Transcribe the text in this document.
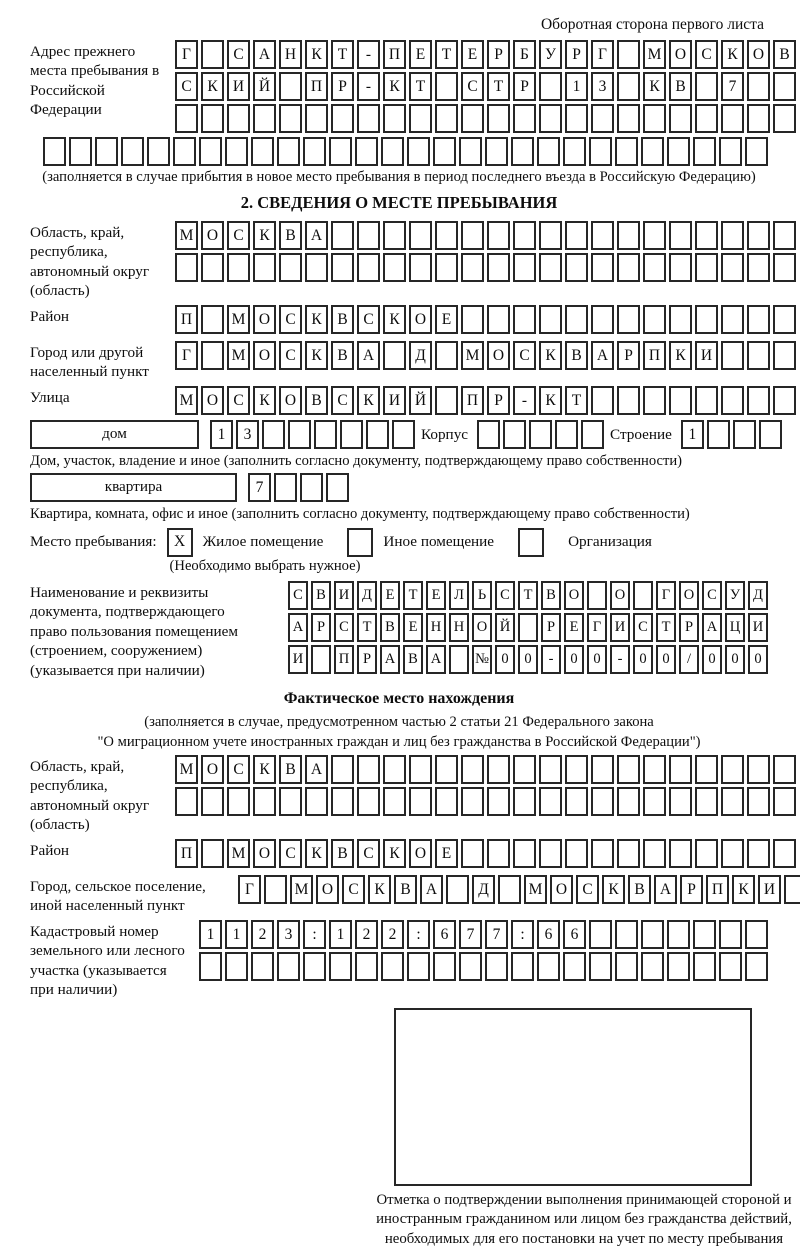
Оборотная сторона первого листа
Адрес прежнего места пребывания в Российской Федерации
Г	С А Н К	Т	-	П	Е	Т	Е	Р	Б	У	Р	Г	М О С	К О В
С	К И Й	П	Р	-	К	Т	С	Т	Р	1	3	К	В	7
(заполняется в случае прибытия в новое место пребывания в период последнего въезда в Российскую Федерацию)
2. СВЕДЕНИЯ О МЕСТЕ ПРЕБЫВАНИЯ
Область, край, республика, автономный округ (область)
М О С	К	В А
Район	П	М О С	К	В	С	К О	Е
Город или другой населенный пункт
Г	М О С	К	В А	Д	М О С	К	В А	Р	П К И
Улица	М О С	К О В	С	К И Й	П	Р	-	К	Т
дом	1	3	Корпус	Строение	1
Дом, участок, владение и иное (заполнить согласно документу, подтверждающему право собственности)
квартира	7
Квартира, комната, офис и иное (заполнить согласно документу, подтверждающему право собственности)
Место пребывания:	X	Жилое помещение	Иное помещение	Организация
(Необходимо выбрать нужное)
Наименование и реквизиты документа, подтверждающего право пользования помещением (строением, сооружением) (указывается при наличии)
С В И Д Е Т Е Л Ь С Т В О	О	Г О С У Д
А Р С Т В Е Н Н О Й	Р	Е Г И С Т	Р А Ц И
И	П Р А В А	№ 0	0	-	0	0	-	0	0	/	0	0	0
Фактическое место нахождения
(заполняется в случае, предусмотренном частью 2 статьи 21 Федерального закона
"О миграционном учете иностранных граждан и лиц без гражданства в Российской Федерации")
Область, край, республика, автономный округ (область)
М О С	К	В А
Район	П	М О С	К	В	С	К О	Е
Город, сельское поселение, иной населенный пункт
Г	М О С	К	В А	Д	М О С	К	В А	Р	П К И
Кадастровый номер земельного или лесного участка (указывается при наличии)
1	1	2	3	:	1	2	2	:	6	7	7	:	6	6
Отметка о подтверждении выполнения принимающей стороной и иностранным гражданином или лицом без гражданства действий, необходимых для его постановки на учет по месту пребывания
